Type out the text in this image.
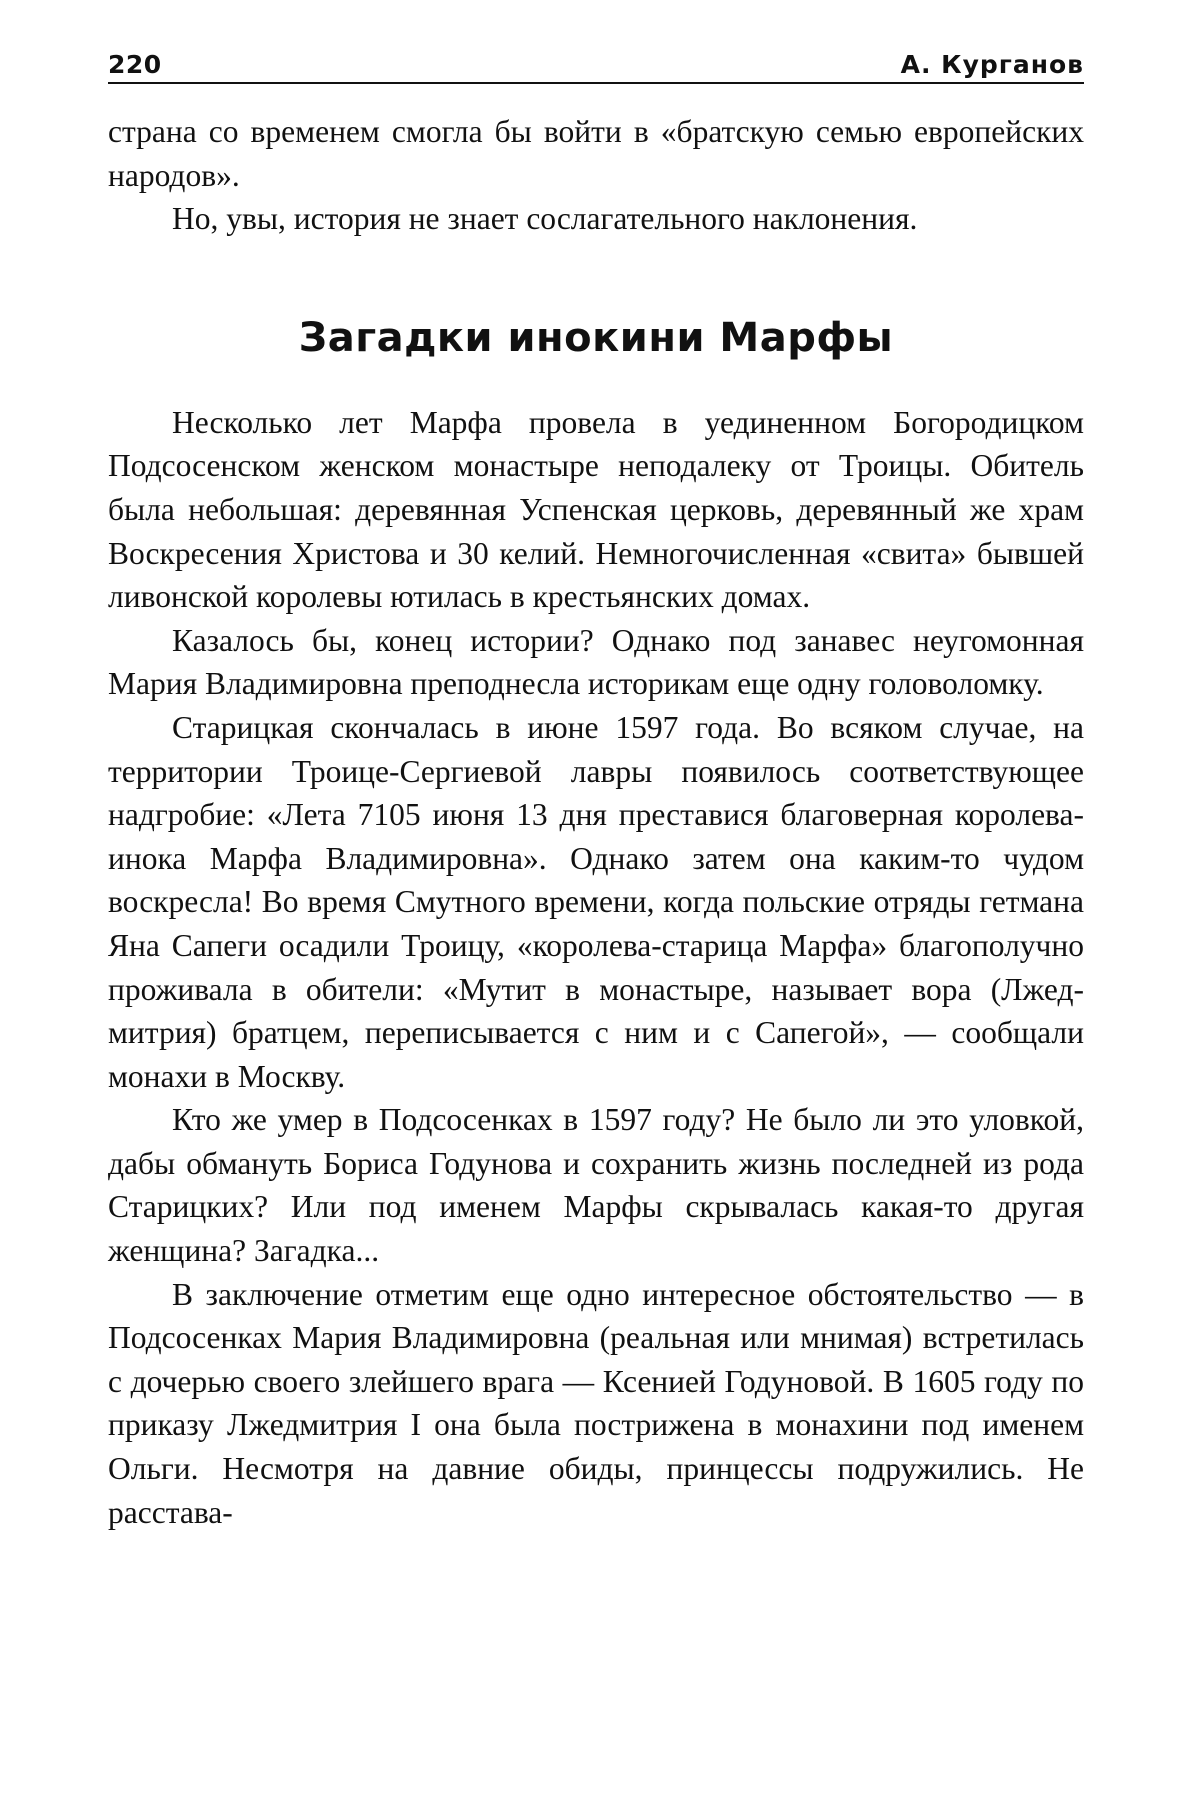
220	А. Курганов

страна со временем смогла бы войти в «братскую семью европейских народов».

Но, увы, история не знает сослагательного наклонения.

Загадки инокини Марфы

Несколько лет Марфа провела в уединенном Богородицком Подсосенском женском монастыре неподалеку от Троицы. Обитель была небольшая: деревянная Успенская церковь, деревянный же храм Воскресения Христова и 30 келий. Немногочисленная «свита» бывшей ливонской королевы ютилась в крестьянских домах.

Казалось бы, конец истории? Однако под занавес неугомонная Мария Владимировна преподнесла историкам еще одну головоломку.

Старицкая скончалась в июне 1597 года. Во всяком случае, на территории Троице-Сергиевой лавры появилось соответствующее надгробие: «Лета 7105 июня 13 дня преставися благоверная королева-инока Марфа Владимировна». Однако затем она каким-то чудом воскресла! Во время Смутного времени, когда польские отряды гетмана Яна Сапеги осадили Троицу, «королева-старица Марфа» благополучно проживала в обители: «Мутит в монастыре, называет вора (Лжедмитрия) братцем, переписывается с ним и с Сапегой», — сообщали монахи в Москву.

Кто же умер в Подсосенках в 1597 году? Не было ли это уловкой, дабы обмануть Бориса Годунова и сохранить жизнь последней из рода Старицких? Или под именем Марфы скрывалась какая-то другая женщина? Загадка...

В заключение отметим еще одно интересное обстоятельство — в Подсосенках Мария Владимировна (реальная или мнимая) встретилась с дочерью своего злейшего врага — Ксенией Годуновой. В 1605 году по приказу Лжедмитрия I она была пострижена в монахини под именем Ольги. Несмотря на давние обиды, принцессы подружились. Не расстава-
